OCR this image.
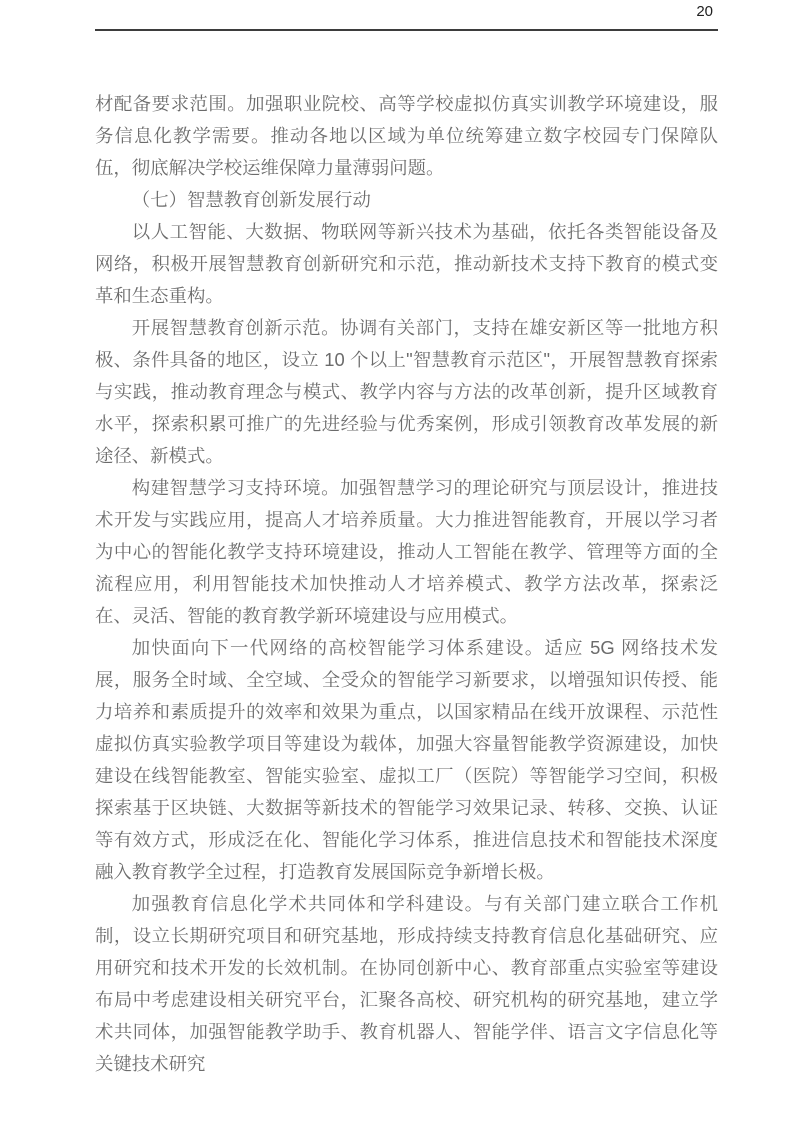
20

材配备要求范围。加强职业院校、高等学校虚拟仿真实训教学环境建设，服务信息化教学需要。推动各地以区域为单位统筹建立数字校园专门保障队伍，彻底解决学校运维保障力量薄弱问题。

（七）智慧教育创新发展行动

以人工智能、大数据、物联网等新兴技术为基础，依托各类智能设备及网络，积极开展智慧教育创新研究和示范，推动新技术支持下教育的模式变革和生态重构。

开展智慧教育创新示范。协调有关部门，支持在雄安新区等一批地方积极、条件具备的地区，设立 10 个以上"智慧教育示范区"，开展智慧教育探索与实践，推动教育理念与模式、教学内容与方法的改革创新，提升区域教育水平，探索积累可推广的先进经验与优秀案例，形成引领教育改革发展的新途径、新模式。

构建智慧学习支持环境。加强智慧学习的理论研究与顶层设计，推进技术开发与实践应用，提高人才培养质量。大力推进智能教育，开展以学习者为中心的智能化教学支持环境建设，推动人工智能在教学、管理等方面的全流程应用，利用智能技术加快推动人才培养模式、教学方法改革，探索泛在、灵活、智能的教育教学新环境建设与应用模式。

加快面向下一代网络的高校智能学习体系建设。适应 5G 网络技术发展，服务全时域、全空域、全受众的智能学习新要求，以增强知识传授、能力培养和素质提升的效率和效果为重点，以国家精品在线开放课程、示范性虚拟仿真实验教学项目等建设为载体，加强大容量智能教学资源建设，加快建设在线智能教室、智能实验室、虚拟工厂（医院）等智能学习空间，积极探索基于区块链、大数据等新技术的智能学习效果记录、转移、交换、认证等有效方式，形成泛在化、智能化学习体系，推进信息技术和智能技术深度融入教育教学全过程，打造教育发展国际竞争新增长极。

加强教育信息化学术共同体和学科建设。与有关部门建立联合工作机制，设立长期研究项目和研究基地，形成持续支持教育信息化基础研究、应用研究和技术开发的长效机制。在协同创新中心、教育部重点实验室等建设布局中考虑建设相关研究平台，汇聚各高校、研究机构的研究基地，建立学术共同体，加强智能教学助手、教育机器人、智能学伴、语言文字信息化等关键技术研究
